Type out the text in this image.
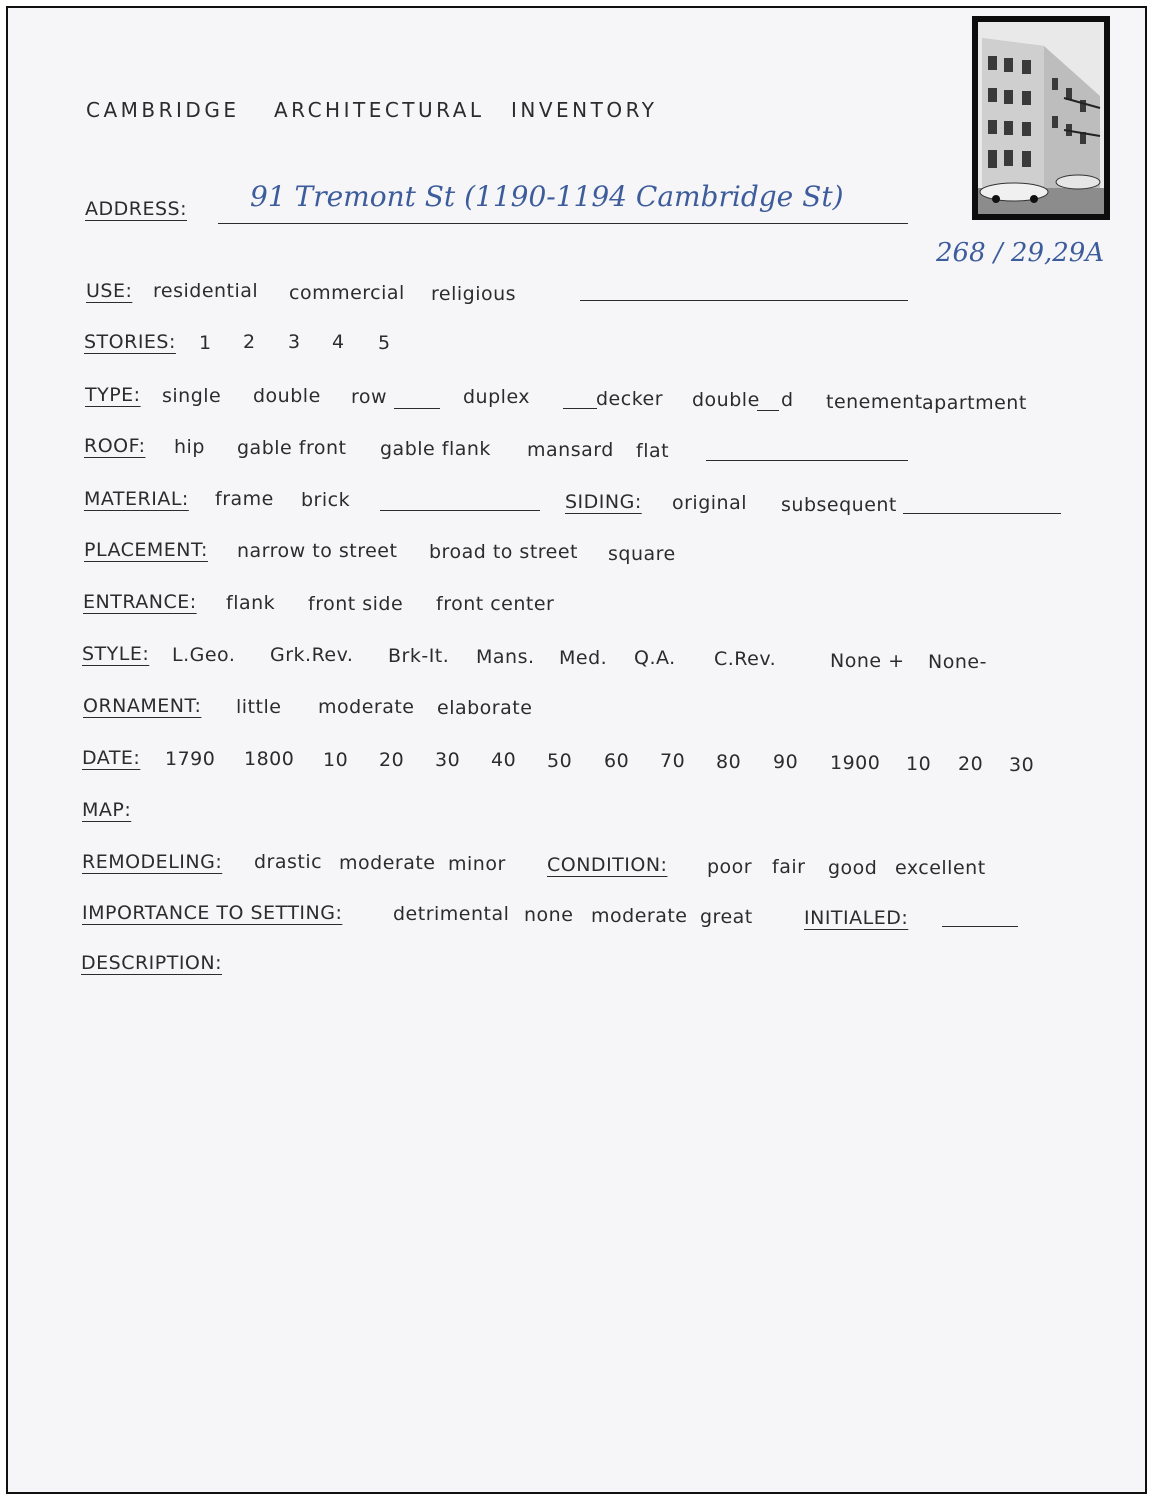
CAMBRIDGE ARCHITECTURAL INVENTORY
ADDRESS: 91 Tremont St (1190-1194 Cambridge St)
268 / 29,29A
USE: residential commercial religious
STORIES: 1 2 3 4 5
TYPE: single double row	duplex	decker double d tenement apartment
ROOF: hip gable front gable flank mansard flat
MATERIAL: frame brick	SIDING: original subsequent
PLACEMENT: narrow to street broad to street square
ENTRANCE: flank front side front center
STYLE: L.Geo. Grk.Rev. Brk-It. Mans. Med. Q.A. C.Rev.	None + None-
ORNAMENT: little moderate elaborate
DATE: 1790 1800 10 20 30 40 50 60 70 80 90 1900 10 20 30
MAP:
REMODELING: drastic moderate minor CONDITION: poor fair good excellent
IMPORTANCE TO SETTING:	detrimental none moderate great	INITIALED:
DESCRIPTION:
